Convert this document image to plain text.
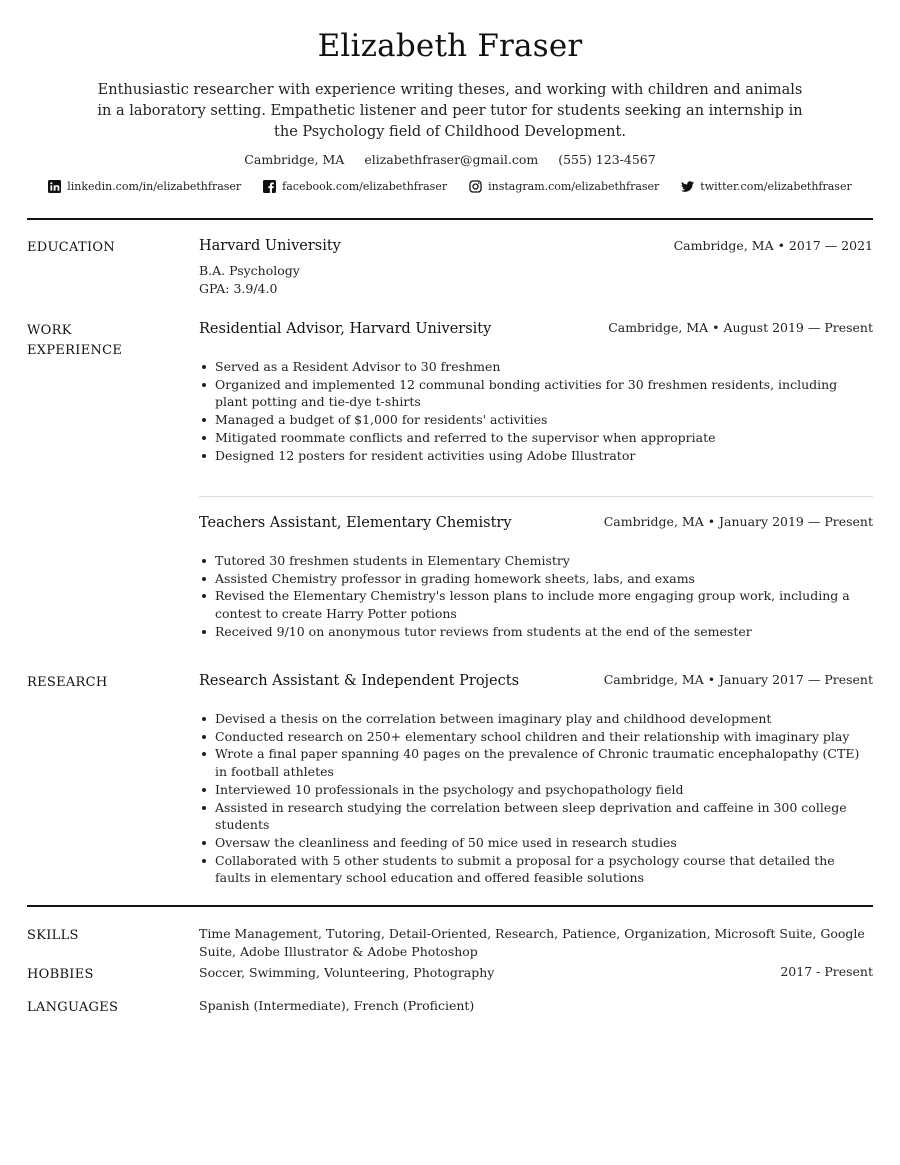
Elizabeth Fraser

Enthusiastic researcher with experience writing theses, and working with children and animals in a laboratory setting. Empathetic listener and peer tutor for students seeking an internship in the Psychology field of Childhood Development.

Cambridge, MA elizabethfraser@gmail.com (555) 123-4567
linkedin.com/in/elizabethfraser	facebook.com/elizabethfraser	instagram.com/elizabethfraser	twitter.com/elizabethfraser
EDUCATION	Harvard University	Cambridge, MA • 2017 — 2021
B.A. Psychology
GPA: 3.9/4.0
WORK
EXPERIENCE
Residential Advisor, Harvard University	Cambridge, MA • August 2019 — Present
Served as a Resident Advisor to 30 freshmen
Organized and implemented 12 communal bonding activities for 30 freshmen residents, including plant potting and tie-dye t-shirts
Managed a budget of $1,000 for residents' activities
Mitigated roommate conflicts and referred to the supervisor when appropriate
Designed 12 posters for resident activities using Adobe Illustrator
Teachers Assistant, Elementary Chemistry	Cambridge, MA • January 2019 — Present
Tutored 30 freshmen students in Elementary Chemistry
Assisted Chemistry professor in grading homework sheets, labs, and exams
Revised the Elementary Chemistry's lesson plans to include more engaging group work, including a contest to create Harry Potter potions
Received 9/10 on anonymous tutor reviews from students at the end of the semester
RESEARCH	Research Assistant & Independent Projects	Cambridge, MA • January 2017 — Present
Devised a thesis on the correlation between imaginary play and childhood development
Conducted research on 250+ elementary school children and their relationship with imaginary play
Wrote a final paper spanning 40 pages on the prevalence of Chronic traumatic encephalopathy (CTE) in football athletes
Interviewed 10 professionals in the psychology and psychopathology field
Assisted in research studying the correlation between sleep deprivation and caffeine in 300 college students
Oversaw the cleanliness and feeding of 50 mice used in research studies
Collaborated with 5 other students to submit a proposal for a psychology course that detailed the faults in elementary school education and offered feasible solutions
SKILLS	Time Management, Tutoring, Detail-Oriented, Research, Patience, Organization, Microsoft Suite, Google Suite, Adobe Illustrator & Adobe Photoshop
HOBBIES	Soccer, Swimming, Volunteering, Photography	2017 - Present
LANGUAGES	Spanish (Intermediate), French (Proficient)
